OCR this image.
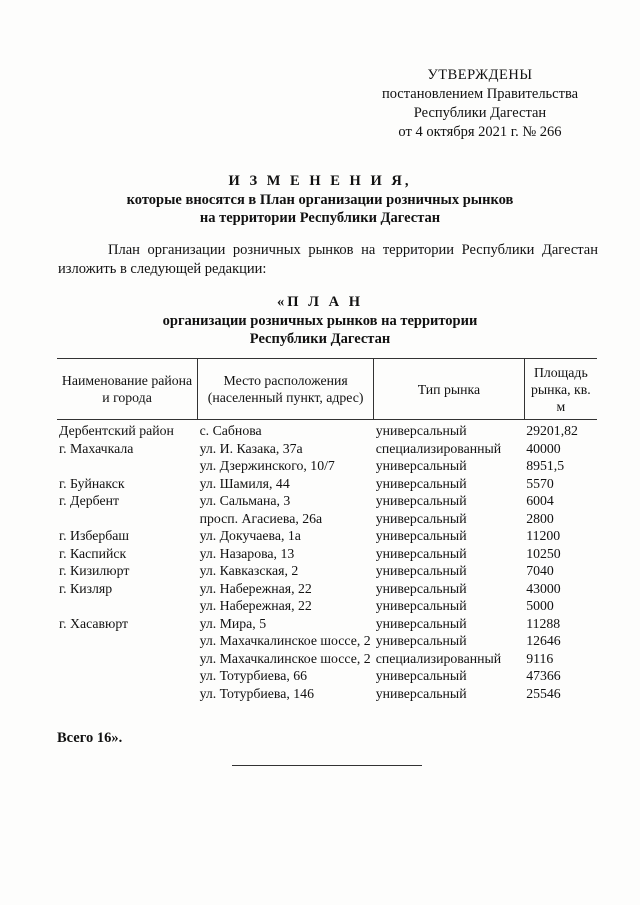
УТВЕРЖДЕНЫ
постановлением Правительства
Республики Дагестан
от 4 октября 2021 г. № 266
И З М Е Н Е Н И Я,
которые вносятся в План организации розничных рынков
на территории Республики Дагестан
План организации розничных рынков на территории Республики Дагестан изложить в следующей редакции:
«П Л А Н
организации розничных рынков на территории
Республики Дагестан
Наименование района и города	Место расположения (населенный пункт, адрес)	Тип рынка	Площадь рынка, кв. м
Дербентский район	с. Сабнова	универсальный	29201,82
г. Махачкала	ул. И. Казака, 37а	специализированный	40000
	ул. Дзержинского, 10/7	универсальный	8951,5
г. Буйнакск	ул. Шамиля, 44	универсальный	5570
г. Дербент	ул. Сальмана, 3	универсальный	6004
	просп. Агасиева, 26а	универсальный	2800
г. Избербаш	ул. Докучаева, 1а	универсальный	11200
г. Каспийск	ул. Назарова, 13	универсальный	10250
г. Кизилюрт	ул. Кавказская, 2	универсальный	7040
г. Кизляр	ул. Набережная, 22	универсальный	43000
	ул. Набережная, 22	универсальный	5000
г. Хасавюрт	ул. Мира, 5	универсальный	11288
	ул. Махачкалинское шоссе, 2	универсальный	12646
	ул. Махачкалинское шоссе, 2	специализированный	9116
	ул. Тотурбиева, 66	универсальный	47366
	ул. Тотурбиева, 146	универсальный	25546
Всего 16».
